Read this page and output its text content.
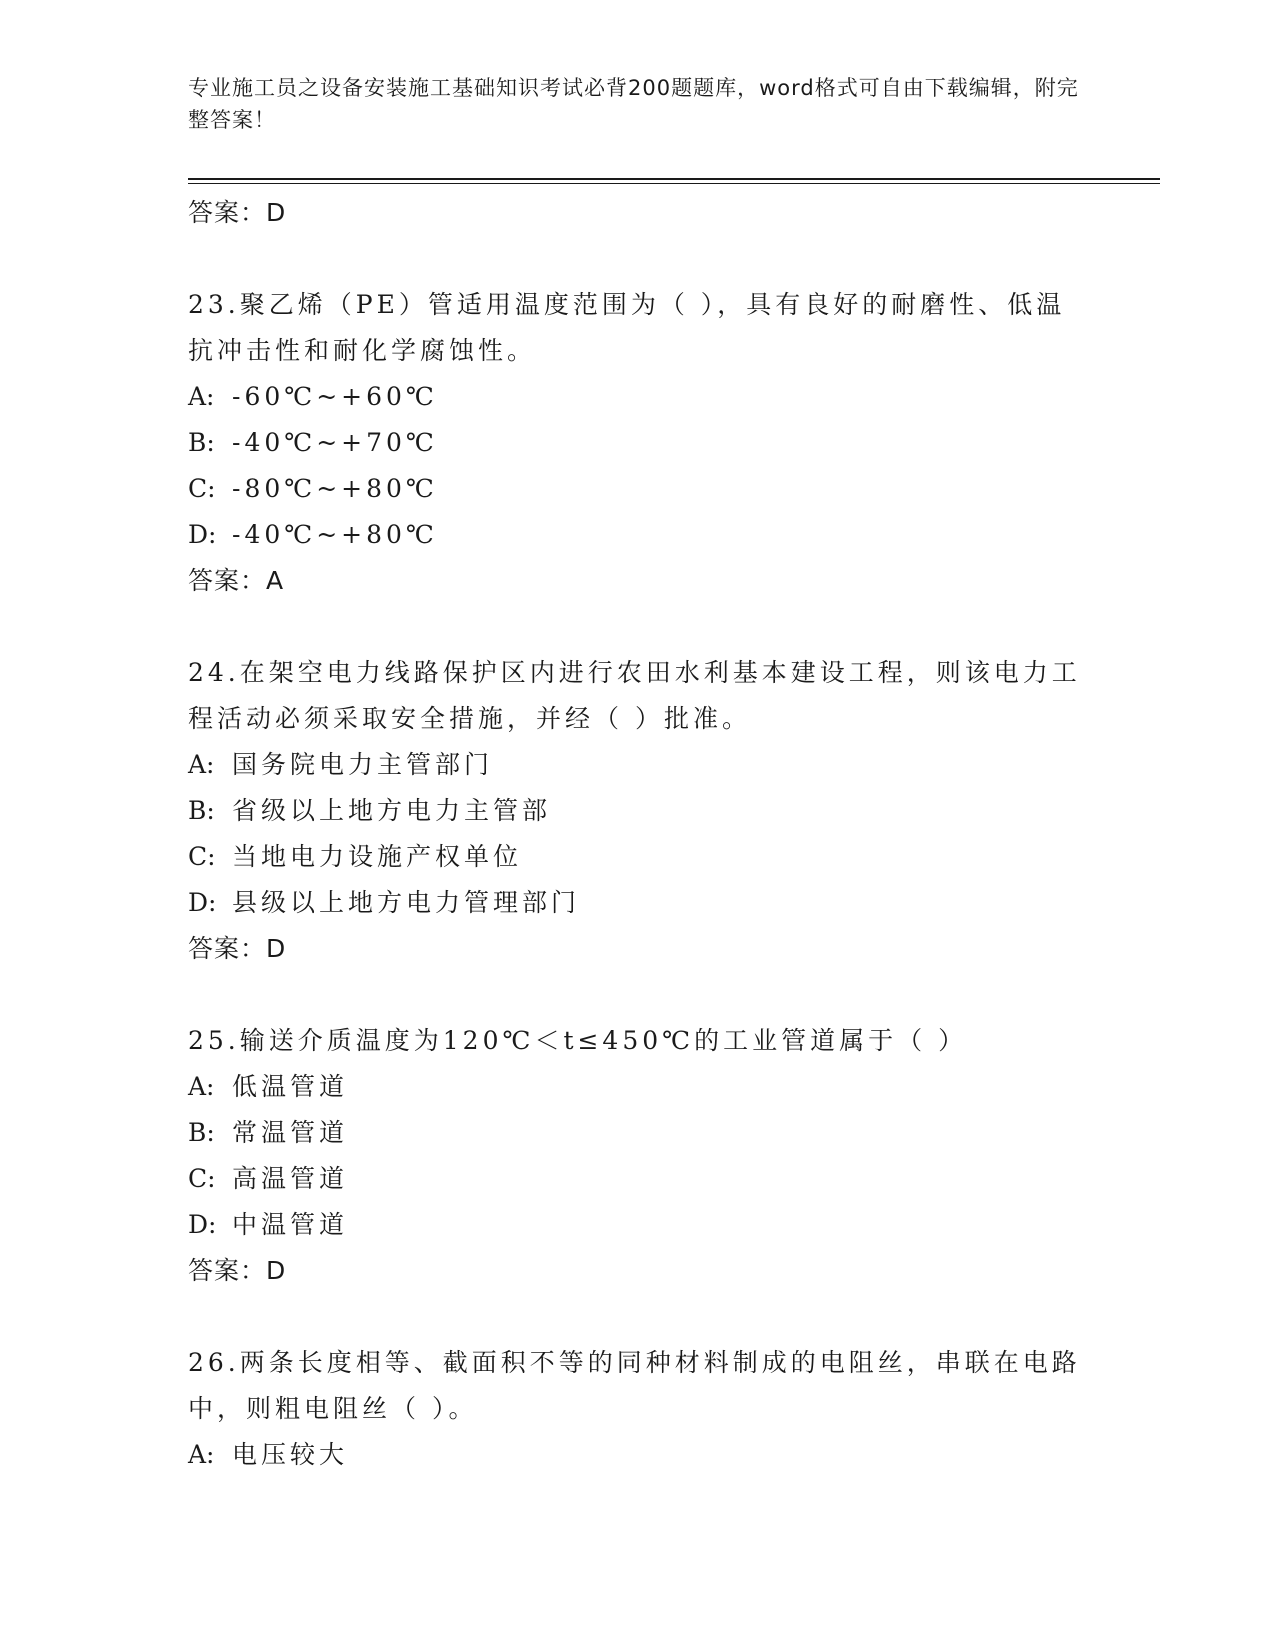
专业施工员之设备安装施工基础知识考试必背200题题库，word格式可自由下载编辑，附完整答案！
答案：D
23.聚乙烯（PE）管适用温度范围为（ ），具有良好的耐磨性、低温抗冲击性和耐化学腐蚀性。
A: -60℃~+60℃
B: -40℃~+70℃
C: -80℃~+80℃
D: -40℃~+80℃
答案：A
24.在架空电力线路保护区内进行农田水利基本建设工程，则该电力工程活动必须采取安全措施，并经（ ）批准。
A: 国务院电力主管部门
B: 省级以上地方电力主管部
C: 当地电力设施产权单位
D: 县级以上地方电力管理部门
答案：D
25.输送介质温度为120℃＜t≤450℃的工业管道属于（ ）
A: 低温管道
B: 常温管道
C: 高温管道
D: 中温管道
答案：D
26.两条长度相等、截面积不等的同种材料制成的电阻丝，串联在电路中，则粗电阻丝（ ）。
A: 电压较大
